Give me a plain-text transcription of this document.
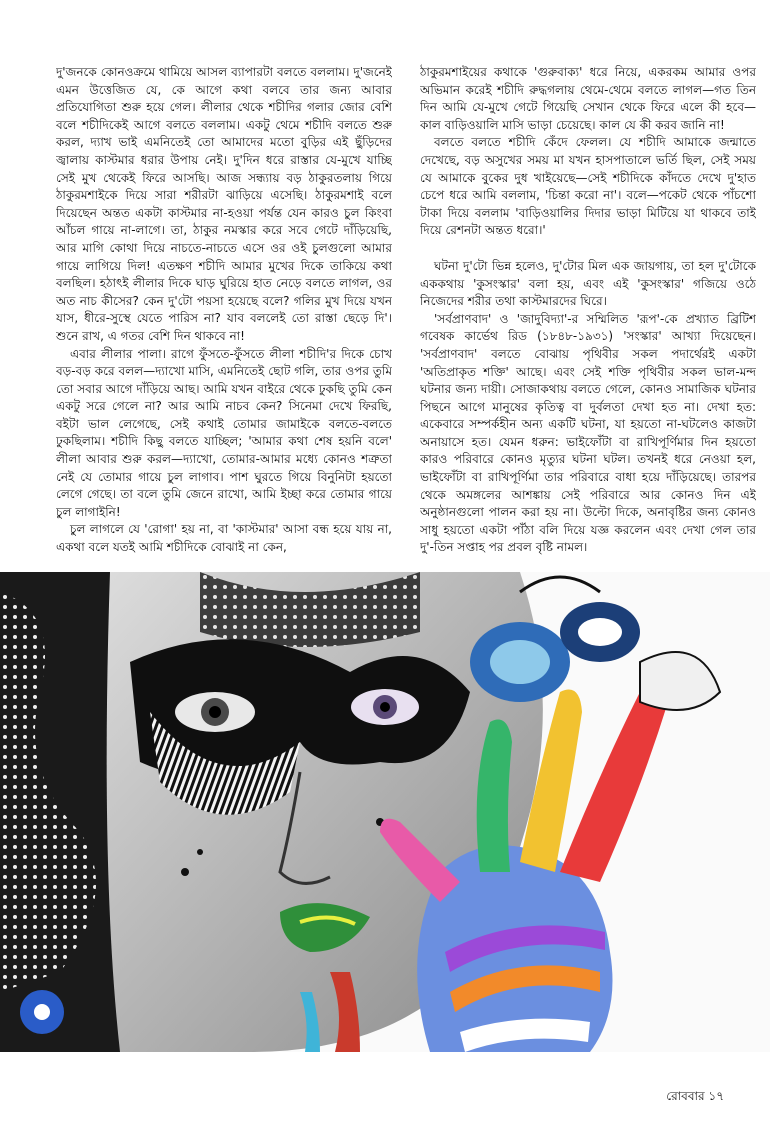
দু'জনকে কোনওক্রমে থামিয়ে আসল ব্যাপারটা বলতে বললাম। দু'জনেই এমন উত্তেজিত যে, কে আগে কথা বলবে তার জন্য আবার প্রতিযোগিতা শুরু হয়ে গেল। লীলার থেকে শচীদির গলার জোর বেশি বলে শচীদিকেই আগে বলতে বললাম। একটু থেমে শচীদি বলতে শুরু করল, দ্যাখ ভাই এমনিতেই তো আমাদের মতো বুড়ির এই ছুঁড়িদের জ্বালায় কাস্টমার ধরার উপায় নেই। দু'দিন ধরে রাস্তার যে-মুখে যাচ্ছি সেই মুখ থেকেই ফিরে আসছি। আজ সন্ধ্যায় বড় ঠাকুরতলায় গিয়ে ঠাকুরমশাইকে দিয়ে সারা শরীরটা ঝাড়িয়ে এসেছি। ঠাকুরমশাই বলে দিয়েছেন অন্তত একটা কাস্টমার না-হওয়া পর্যন্ত যেন কারও চুল কিংবা আঁচল গায়ে না-লাগে। তা, ঠাকুর নমস্কার করে সবে গেটে দাঁড়িয়েছি, আর মাগি কোথা দিয়ে নাচতে-নাচতে এসে ওর ওই চুলগুলো আমার গায়ে লাগিয়ে দিল! এতক্ষণ শচীদি আমার মুখের দিকে তাকিয়ে কথা বলছিল। হঠাৎই লীলার দিকে ঘাড় ঘুরিয়ে হাত নেড়ে বলতে লাগল, ওর অত নাচ কীসের? কেন দু'টো পয়সা হয়েছে বলে? গলির মুখ দিয়ে যখন যাস, ধীরে-সুস্থে যেতে পারিস না? যাব বললেই তো রাস্তা ছেড়ে দি'। শুনে রাখ, এ গতর বেশি দিন থাকবে না!

এবার লীলার পালা। রাগে ফুঁসতে-ফুঁসতে লীলা শচীদি'র দিকে চোখ বড়-বড় করে বলল—দ্যাখো মাসি, এমনিতেই ছোট গলি, তার ওপর তুমি তো সবার আগে দাঁড়িয়ে আছ। আমি যখন বাইরে থেকে ঢুকছি তুমি কেন একটু সরে গেলে না? আর আমি নাচব কেন? সিনেমা দেখে ফিরছি, বইটা ভাল লেগেছে, সেই কথাই তোমার জামাইকে বলতে-বলতে ঢুকছিলাম। শচীদি কিছু বলতে যাচ্ছিল; 'আমার কথা শেষ হয়নি বলে' লীলা আবার শুরু করল—দ্যাখো, তোমার-আমার মধ্যে কোনও শত্রুতা নেই যে তোমার গায়ে চুল লাগাব। পাশ ঘুরতে গিয়ে বিনুনিটা হয়তো লেগে গেছে। তা বলে তুমি জেনে রাখো, আমি ইচ্ছা করে তোমার গায়ে চুল লাগাইনি!

চুল লাগলে যে 'রোগা' হয় না, বা 'কাস্টমার' আসা বন্ধ হয়ে যায় না, একথা বলে যতই আমি শচীদিকে বোঝাই না কেন,

ঠাকুরমশাইয়ের কথাকে 'গুরুবাক্য' ধরে নিয়ে, একরকম আমার ওপর অভিমান করেই শচীদি রুদ্ধগলায় থেমে-থেমে বলতে লাগল—গত তিন দিন আমি যে-মুখে গেটে গিয়েছি সেখান থেকে ফিরে এলে কী হবে—কাল বাড়িওয়ালি মাসি ভাড়া চেয়েছে। কাল যে কী করব জানি না!

বলতে বলতে শচীদি কেঁদে ফেলল। যে শচীদি আমাকে জন্মাতে দেখেছে, বড় অসুখের সময় মা যখন হাসপাতালে ভর্তি ছিল, সেই সময় যে আমাকে বুকের দুধ খাইয়েছে—সেই শচীদিকে কাঁদতে দেখে দু'হাত চেপে ধরে আমি বললাম, 'চিন্তা করো না'। বলে—পকেট থেকে পাঁচশো টাকা দিয়ে বললাম 'বাড়িওয়ালির দিদার ভাড়া মিটিয়ে যা থাকবে তাই দিয়ে রেশনটা অন্তত ধরো।'

ঘটনা দু'টো ভিন্ন হলেও, দু'টোর মিল এক জায়গায়, তা হল দু'টোকে এককথায় 'কুসংস্কার' বলা হয়, এবং এই 'কুসংস্কার' গজিয়ে ওঠে নিজেদের শরীর তথা কাস্টমারদের ঘিরে।

'সর্বপ্রাণবাদ' ও 'জাদুবিদ্যা'-র সম্মিলিত 'রূপ'-কে প্রখ্যাত ব্রিটিশ গবেষক কার্ভেথ রিড (১৮৪৮-১৯৩১) 'সংস্কার' আখ্যা দিয়েছেন। 'সর্বপ্রাণবাদ' বলতে বোঝায় পৃথিবীর সকল পদার্থেরই একটা 'অতিপ্রাকৃত শক্তি' আছে। এবং সেই শক্তি পৃথিবীর সকল ভাল-মন্দ ঘটনার জন্য দায়ী। সোজাকথায় বলতে গেলে, কোনও সামাজিক ঘটনার পিছনে আগে মানুষের কৃতিত্ব বা দুর্বলতা দেখা হত না। দেখা হত: একেবারে সম্পর্কহীন অন্য একটি ঘটনা, যা হয়তো না-ঘটলেও কাজটা অনায়াসে হত। যেমন ধরুন: ভাইফোঁটা বা রাখিপূর্ণিমার দিন হয়তো কারও পরিবারে কোনও মৃত্যুর ঘটনা ঘটল। তখনই ধরে নেওয়া হল, ভাইফোঁটা বা রাখিপূর্ণিমা তার পরিবারে বাধা হয়ে দাঁড়িয়েছে। তারপর থেকে অমঙ্গলের আশঙ্কায় সেই পরিবারে আর কোনও দিন এই অনুষ্ঠানগুলো পালন করা হয় না। উল্টো দিকে, অনাবৃষ্টির জন্য কোনও সাধু হয়তো একটা পাঁঠা বলি দিয়ে যজ্ঞ করলেন এবং দেখা গেল তার দু'-তিন সপ্তাহ পর প্রবল বৃষ্টি নামল।

রোববার ১৭
